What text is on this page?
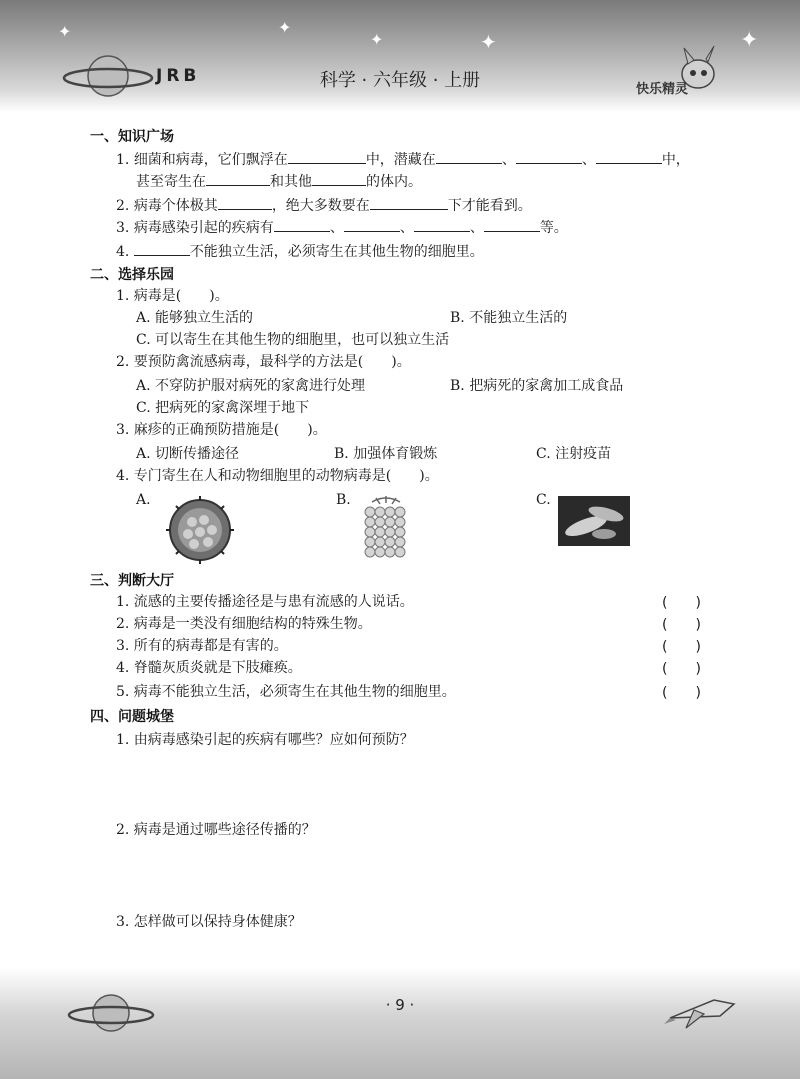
✦	✦
✦	✦	✦
JRB	科学 · 六年级 · 上册	快乐精灵
一、知识广场
1. 细菌和病毒，它们飘浮在	中，潜藏在	、	、	中，
甚至寄生在	和其他	的体内。
2. 病毒个体极其	，绝大多数要在	下才能看到。
3. 病毒感染引起的疾病有	、	、	、	等。
4.	不能独立生活，必须寄生在其他生物的细胞里。
二、选择乐园
1. 病毒是(　　)。
A. 能够独立生活的	B. 不能独立生活的
C. 可以寄生在其他生物的细胞里，也可以独立生活
2. 要预防禽流感病毒，最科学的方法是(　　)。
A. 不穿防护服对病死的家禽进行处理	B. 把病死的家禽加工成食品
C. 把病死的家禽深埋于地下
3. 麻疹的正确预防措施是(　　)。
A. 切断传播途径	B. 加强体育锻炼	C. 注射疫苗
4. 专门寄生在人和动物细胞里的动物病毒是(　　)。
A.	B.	C.
三、判断大厅
1. 流感的主要传播途径是与患有流感的人说话。	(　　)
2. 病毒是一类没有细胞结构的特殊生物。	(　　)
3. 所有的病毒都是有害的。	(　　)
4. 脊髓灰质炎就是下肢瘫痪。	(　　)
5. 病毒不能独立生活，必须寄生在其他生物的细胞里。	(　　)
四、问题城堡
1. 由病毒感染引起的疾病有哪些？应如何预防？
2. 病毒是通过哪些途径传播的？
3. 怎样做可以保持身体健康？
· 9 ·
